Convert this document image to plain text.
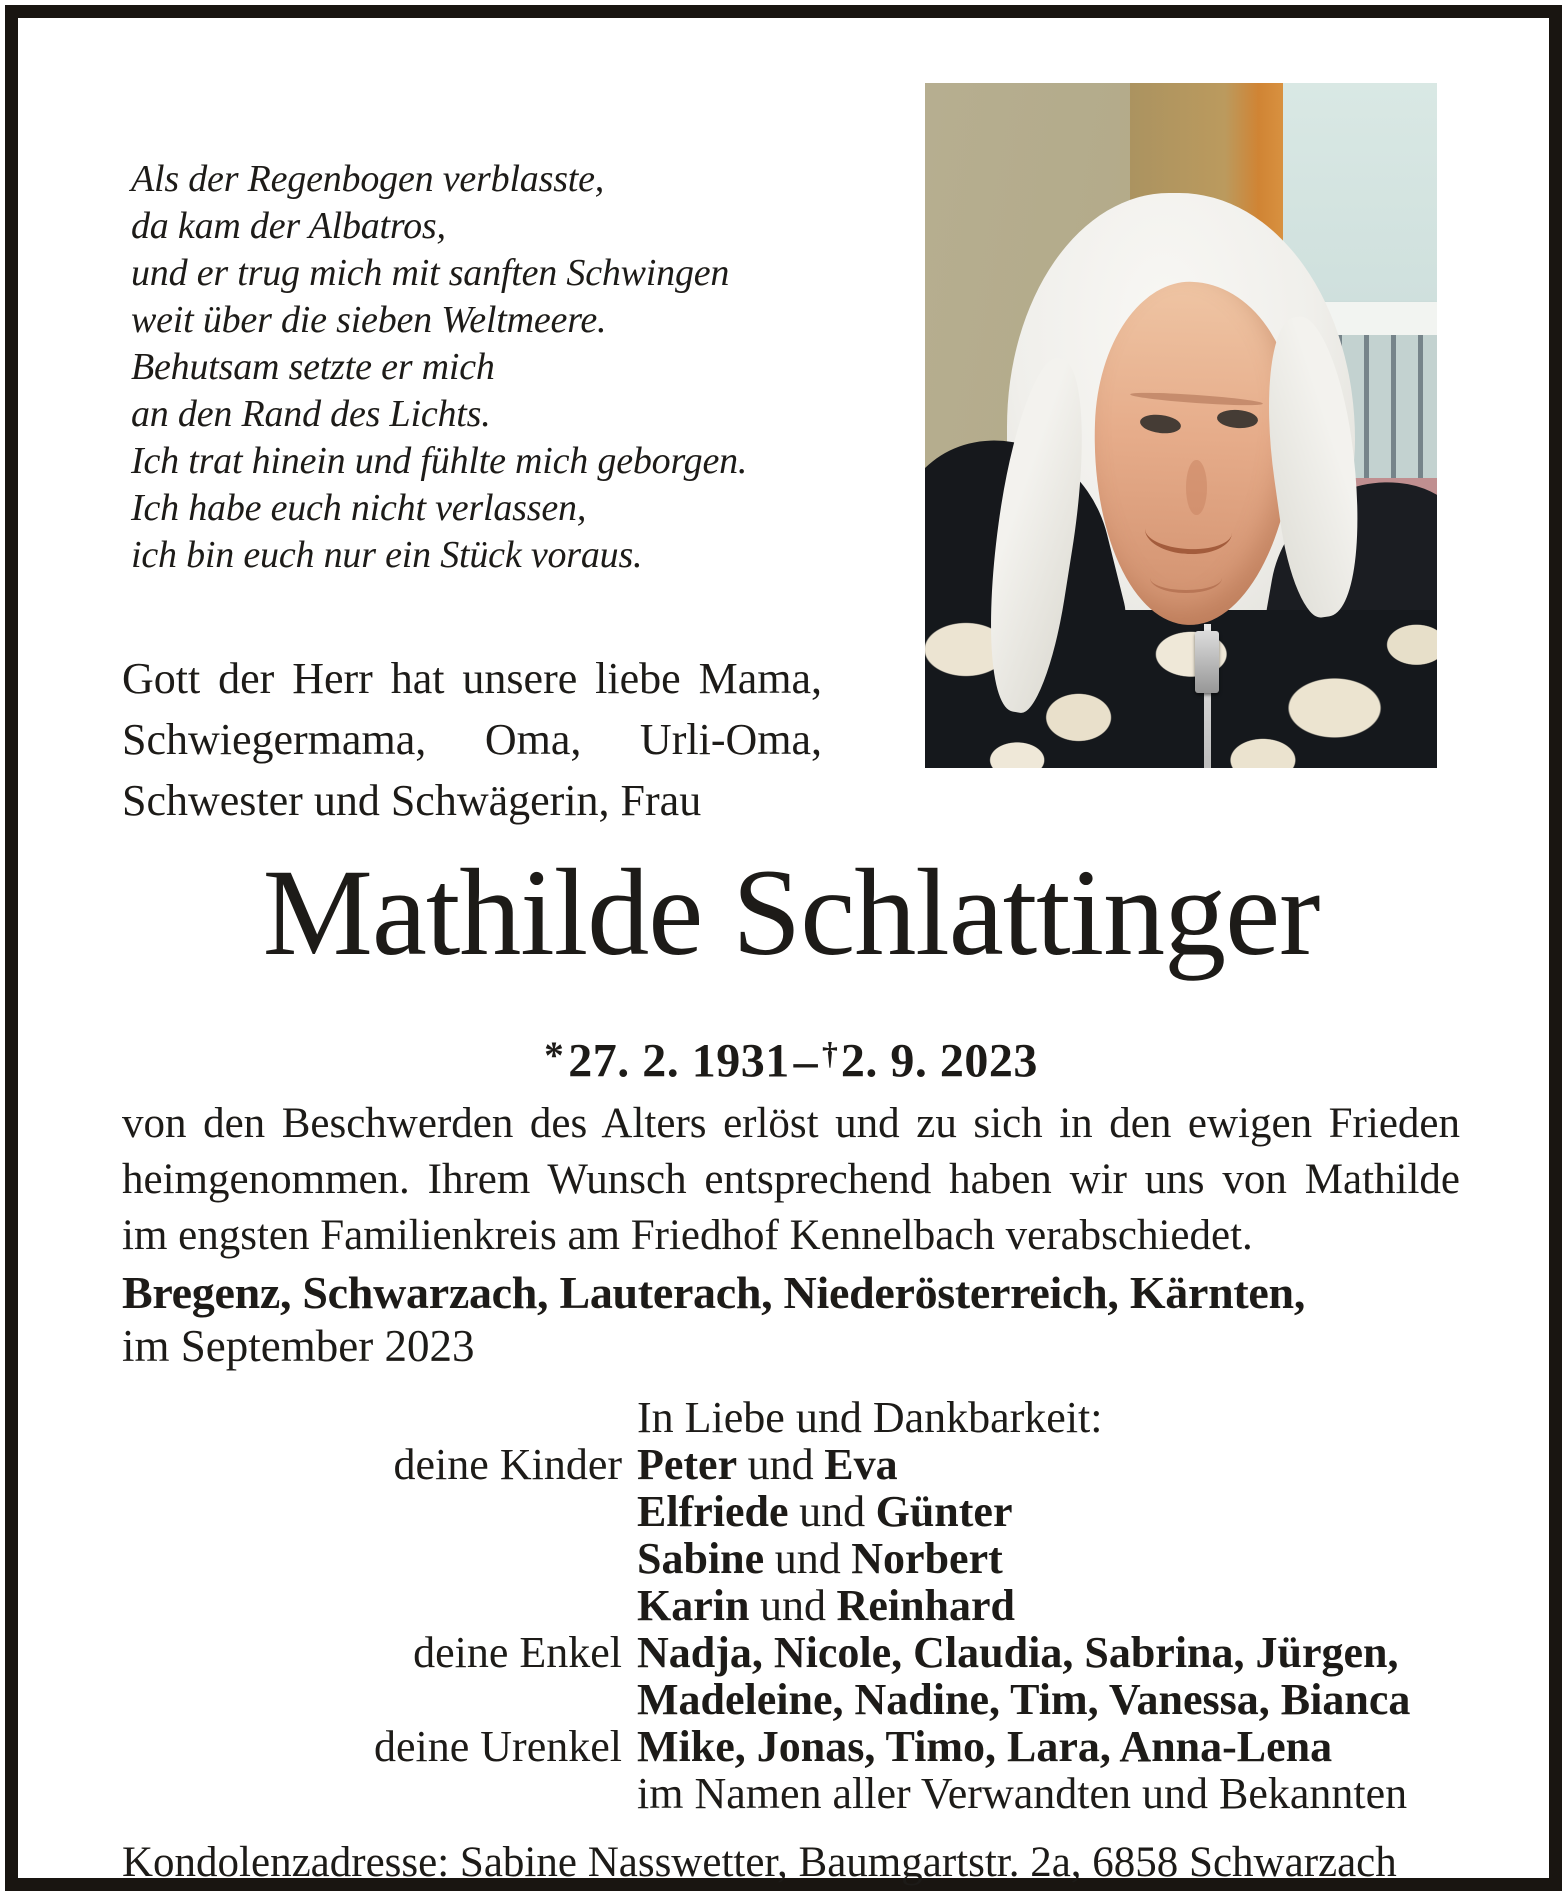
Als der Regenbogen verblasste,
da kam der Albatros,
und er trug mich mit sanften Schwingen
weit über die sieben Weltmeere.
Behutsam setzte er mich
an den Rand des Lichts.
Ich trat hinein und fühlte mich geborgen.
Ich habe euch nicht verlassen,
ich bin euch nur ein Stück voraus.
Gott der Herr hat unsere liebe Mama,
Schwiegermama, Oma, Urli-Oma,
Schwester und Schwägerin, Frau
Mathilde Schlattinger
*27. 2. 1931– †2. 9. 2023
von den Beschwerden des Alters erlöst und zu sich in den ewigen Frieden
heimgenommen. Ihrem Wunsch entsprechend haben wir uns von Mathilde
im engsten Familienkreis am Friedhof Kennelbach verabschiedet.
Bregenz, Schwarzach, Lauterach, Niederösterreich, Kärnten,
im September 2023
In Liebe und Dankbarkeit:
deine Kinder Peter und Eva
Elfriede und Günter
Sabine und Norbert
Karin und Reinhard
deine Enkel Nadja, Nicole, Claudia, Sabrina, Jürgen,
Madeleine, Nadine, Tim, Vanessa, Bianca
deine Urenkel Mike, Jonas, Timo, Lara, Anna-Lena
im Namen aller Verwandten und Bekannten
Kondolenzadresse: Sabine Nasswetter, Baumgartstr. 2a, 6858 Schwarzach
